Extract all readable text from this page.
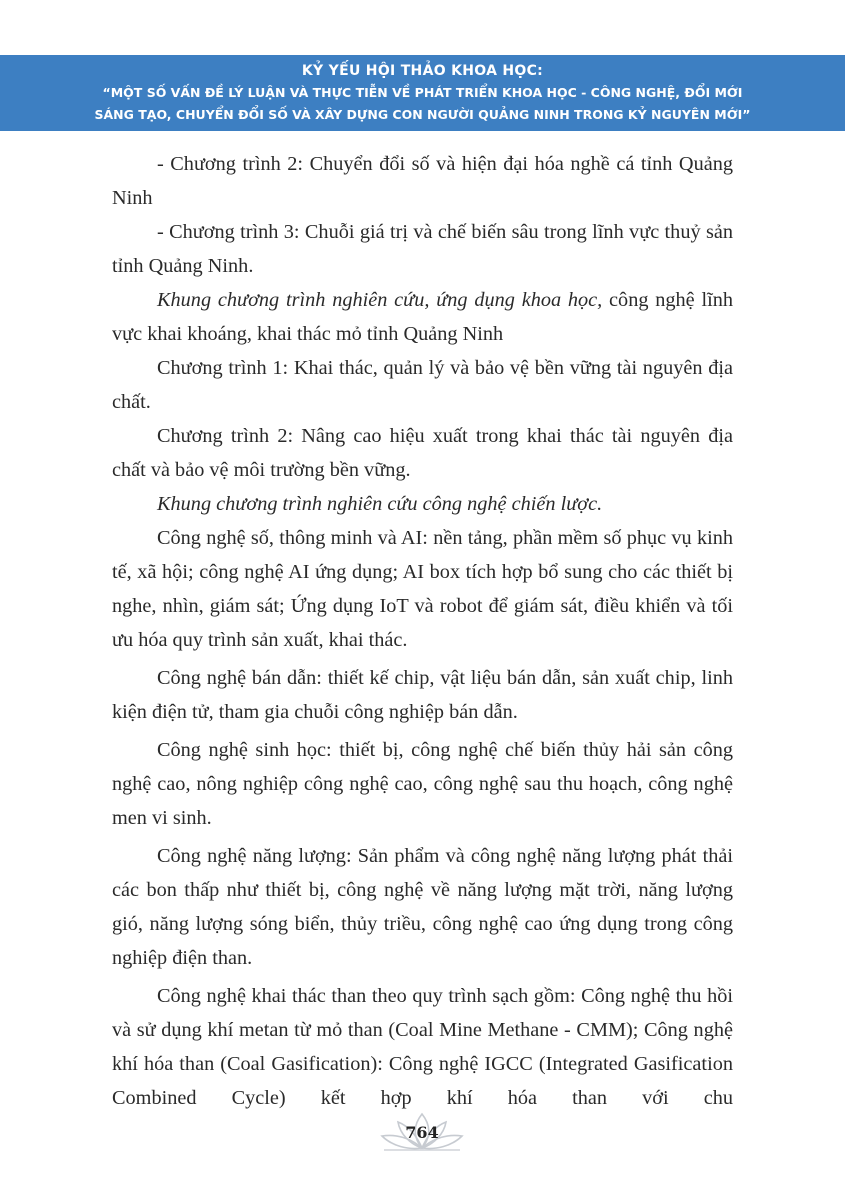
KỶ YẾU HỘI THẢO KHOA HỌC:
“MỘT SỐ VẤN ĐỀ LÝ LUẬN VÀ THỰC TIỄN VỀ PHÁT TRIỂN KHOA HỌC - CÔNG NGHỆ, ĐỔI MỚI
SÁNG TẠO, CHUYỂN ĐỔI SỐ VÀ XÂY DỰNG CON NGƯỜI QUẢNG NINH TRONG KỶ NGUYÊN MỚI”

- Chương trình 2: Chuyển đổi số và hiện đại hóa nghề cá tỉnh Quảng Ninh

- Chương trình 3: Chuỗi giá trị và chế biến sâu trong lĩnh vực thuỷ sản tỉnh Quảng Ninh.

Khung chương trình nghiên cứu, ứng dụng khoa học, công nghệ lĩnh vực khai khoáng, khai thác mỏ tỉnh Quảng Ninh

Chương trình 1: Khai thác, quản lý và bảo vệ bền vững tài nguyên địa chất.

Chương trình 2: Nâng cao hiệu xuất trong khai thác tài nguyên địa chất và bảo vệ môi trường bền vững.

Khung chương trình nghiên cứu công nghệ chiến lược.

Công nghệ số, thông minh và AI: nền tảng, phần mềm số phục vụ kinh tế, xã hội; công nghệ AI ứng dụng; AI box tích hợp bổ sung cho các thiết bị nghe, nhìn, giám sát; Ứng dụng IoT và robot để giám sát, điều khiển và tối ưu hóa quy trình sản xuất, khai thác.

Công nghệ bán dẫn: thiết kế chip, vật liệu bán dẫn, sản xuất chip, linh kiện điện tử, tham gia chuỗi công nghiệp bán dẫn.

Công nghệ sinh học: thiết bị, công nghệ chế biến thủy hải sản công nghệ cao, nông nghiệp công nghệ cao, công nghệ sau thu hoạch, công nghệ men vi sinh.

Công nghệ năng lượng: Sản phẩm và công nghệ năng lượng phát thải các bon thấp như thiết bị, công nghệ về năng lượng mặt trời, năng lượng gió, năng lượng sóng biển, thủy triều, công nghệ cao ứng dụng trong công nghiệp điện than.

Công nghệ khai thác than theo quy trình sạch gồm: Công nghệ thu hồi và sử dụng khí metan từ mỏ than (Coal Mine Methane - CMM); Công nghệ khí hóa than (Coal Gasification): Công nghệ IGCC (Integrated Gasification Combined Cycle) kết hợp khí hóa than với chu

764
